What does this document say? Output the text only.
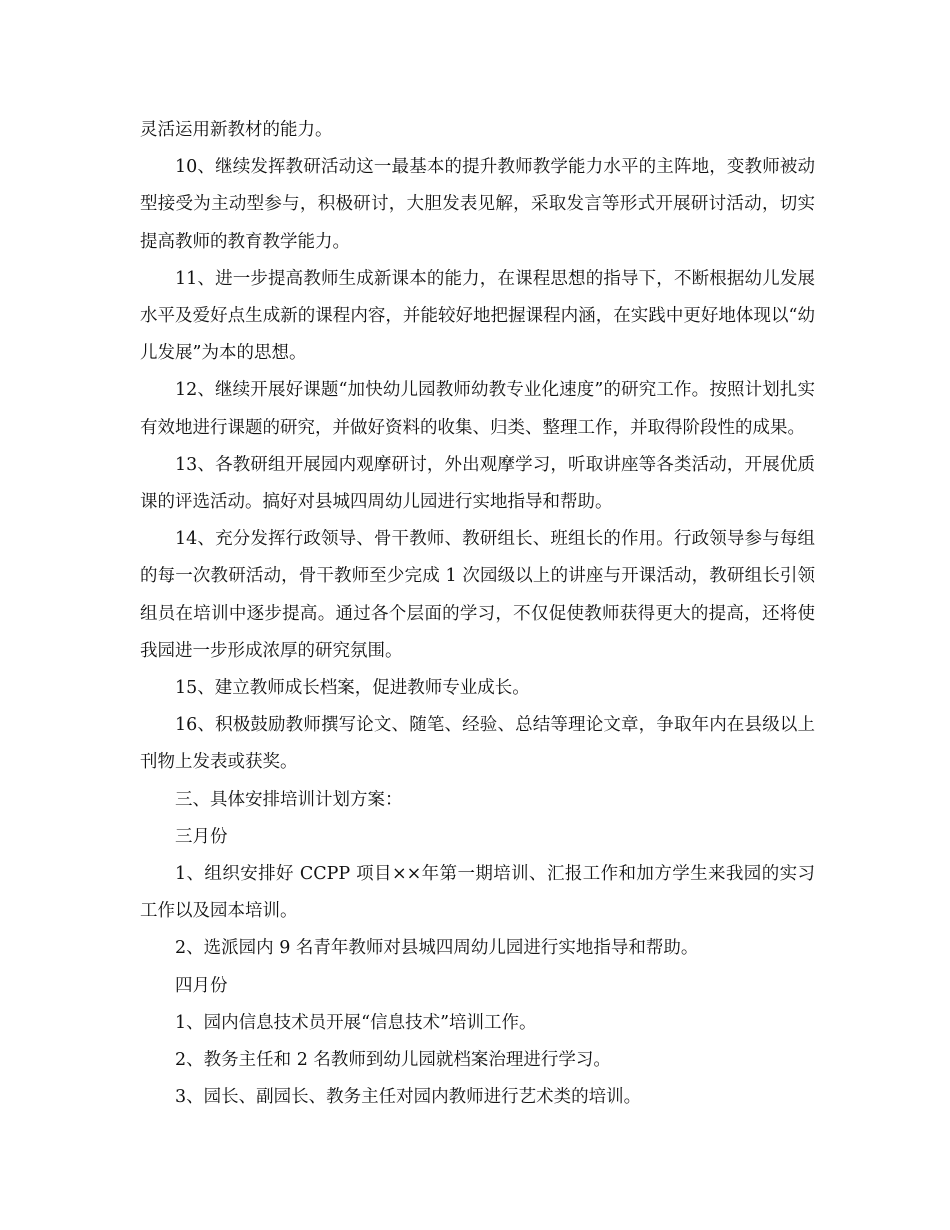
灵活运用新教材的能力。

10、继续发挥教研活动这一最基本的提升教师教学能力水平的主阵地，变教师被动型接受为主动型参与，积极研讨，大胆发表见解，采取发言等形式开展研讨活动，切实提高教师的教育教学能力。

11、进一步提高教师生成新课本的能力，在课程思想的指导下，不断根据幼儿发展水平及爱好点生成新的课程内容，并能较好地把握课程内涵，在实践中更好地体现以“幼儿发展”为本的思想。

12、继续开展好课题“加快幼儿园教师幼教专业化速度”的研究工作。按照计划扎实有效地进行课题的研究，并做好资料的收集、归类、整理工作，并取得阶段性的成果。

13、各教研组开展园内观摩研讨，外出观摩学习，听取讲座等各类活动，开展优质课的评选活动。搞好对县城四周幼儿园进行实地指导和帮助。

14、充分发挥行政领导、骨干教师、教研组长、班组长的作用。行政领导参与每组的每一次教研活动，骨干教师至少完成 1 次园级以上的讲座与开课活动，教研组长引领组员在培训中逐步提高。通过各个层面的学习，不仅促使教师获得更大的提高，还将使我园进一步形成浓厚的研究氛围。

15、建立教师成长档案，促进教师专业成长。

16、积极鼓励教师撰写论文、随笔、经验、总结等理论文章，争取年内在县级以上刊物上发表或获奖。

三、具体安排培训计划方案：

三月份

1、组织安排好 CCPP 项目××年第一期培训、汇报工作和加方学生来我园的实习工作以及园本培训。

2、选派园内 9 名青年教师对县城四周幼儿园进行实地指导和帮助。

四月份

1、园内信息技术员开展“信息技术”培训工作。

2、教务主任和 2 名教师到幼儿园就档案治理进行学习。

3、园长、副园长、教务主任对园内教师进行艺术类的培训。
